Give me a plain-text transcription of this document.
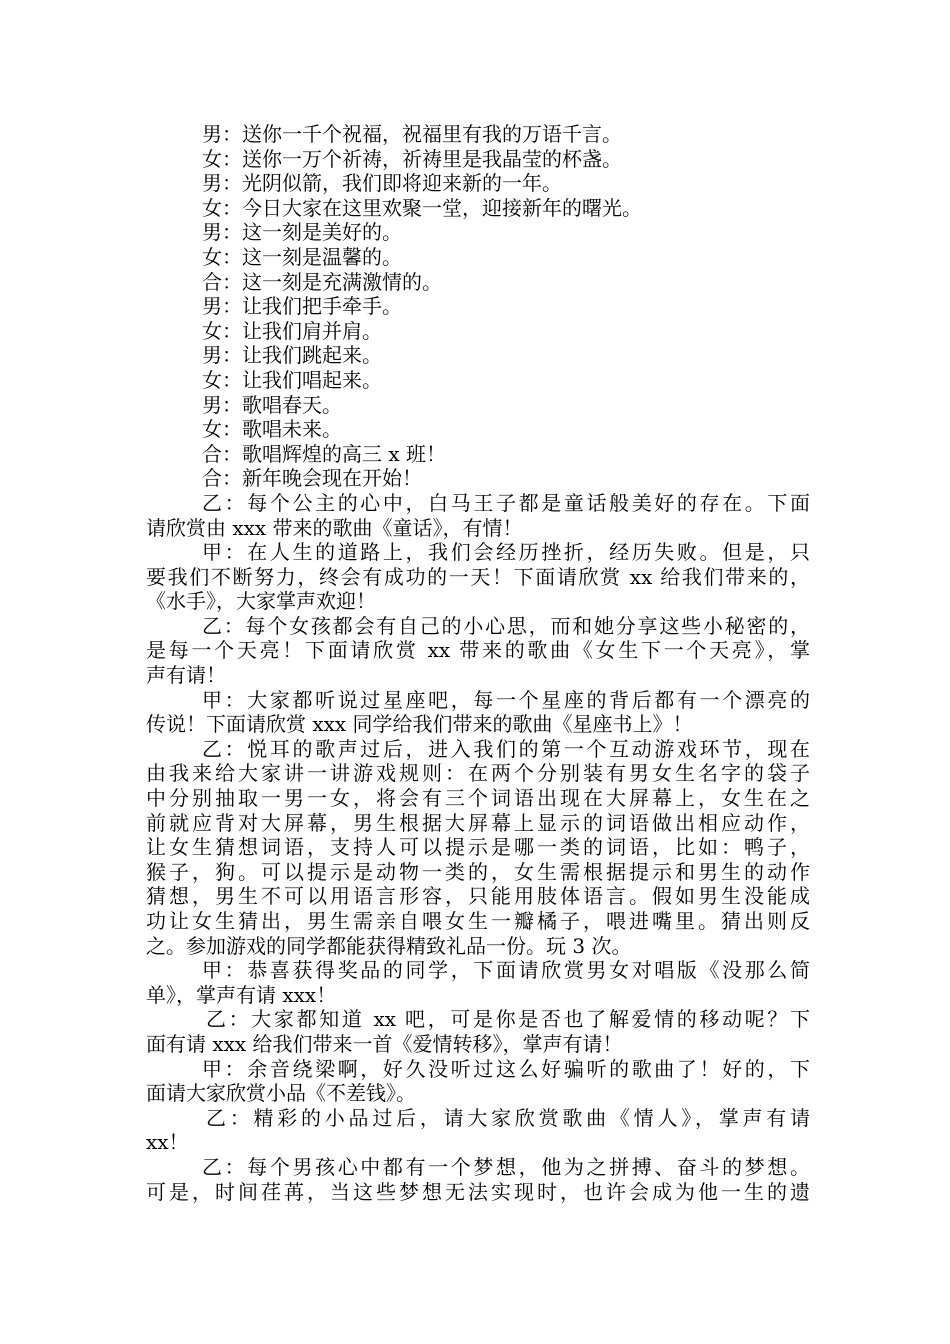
男：送你一千个祝福，祝福里有我的万语千言。
女：送你一万个祈祷，祈祷里是我晶莹的杯盏。
男：光阴似箭，我们即将迎来新的一年。
女：今日大家在这里欢聚一堂，迎接新年的曙光。
男：这一刻是美好的。
女：这一刻是温馨的。
合：这一刻是充满激情的。
男：让我们把手牵手。
女：让我们肩并肩。
男：让我们跳起来。
女：让我们唱起来。
男：歌唱春天。
女：歌唱未来。
合：歌唱辉煌的高三 x 班！
合：新年晚会现在开始！
乙：每个公主的心中，白马王子都是童话般美好的存在。下面
请欣赏由 xxx 带来的歌曲《童话》，有情！
甲：在人生的道路上，我们会经历挫折，经历失败。但是，只
要我们不断努力，终会有成功的一天！下面请欣赏 xx 给我们带来的，
《水手》，大家掌声欢迎！
乙：每个女孩都会有自己的小心思，而和她分享这些小秘密的，
是每一个天亮！下面请欣赏 xx 带来的歌曲《女生下一个天亮》，掌
声有请！
甲：大家都听说过星座吧，每一个星座的背后都有一个漂亮的
传说！下面请欣赏 xxx 同学给我们带来的歌曲《星座书上》！
乙：悦耳的歌声过后，进入我们的第一个互动游戏环节，现在
由我来给大家讲一讲游戏规则：在两个分别装有男女生名字的袋子
中分别抽取一男一女，将会有三个词语出现在大屏幕上，女生在之
前就应背对大屏幕，男生根据大屏幕上显示的词语做出相应动作，
让女生猜想词语，支持人可以提示是哪一类的词语，比如：鸭子，
猴子，狗。可以提示是动物一类的，女生需根据提示和男生的动作
猜想，男生不可以用语言形容，只能用肢体语言。假如男生没能成
功让女生猜出，男生需亲自喂女生一瓣橘子，喂进嘴里。猜出则反
之。参加游戏的同学都能获得精致礼品一份。玩 3 次。
甲：恭喜获得奖品的同学，下面请欣赏男女对唱版《没那么简
单》，掌声有请 xxx！
乙：大家都知道 xx 吧，可是你是否也了解爱情的移动呢？下
面有请 xxx 给我们带来一首《爱情转移》，掌声有请！
甲：余音绕梁啊，好久没听过这么好骗听的歌曲了！好的，下
面请大家欣赏小品《不差钱》。
乙：精彩的小品过后，请大家欣赏歌曲《情人》，掌声有请
xx！
乙：每个男孩心中都有一个梦想，他为之拼搏、奋斗的梦想。
可是，时间荏苒，当这些梦想无法实现时，也许会成为他一生的遗
